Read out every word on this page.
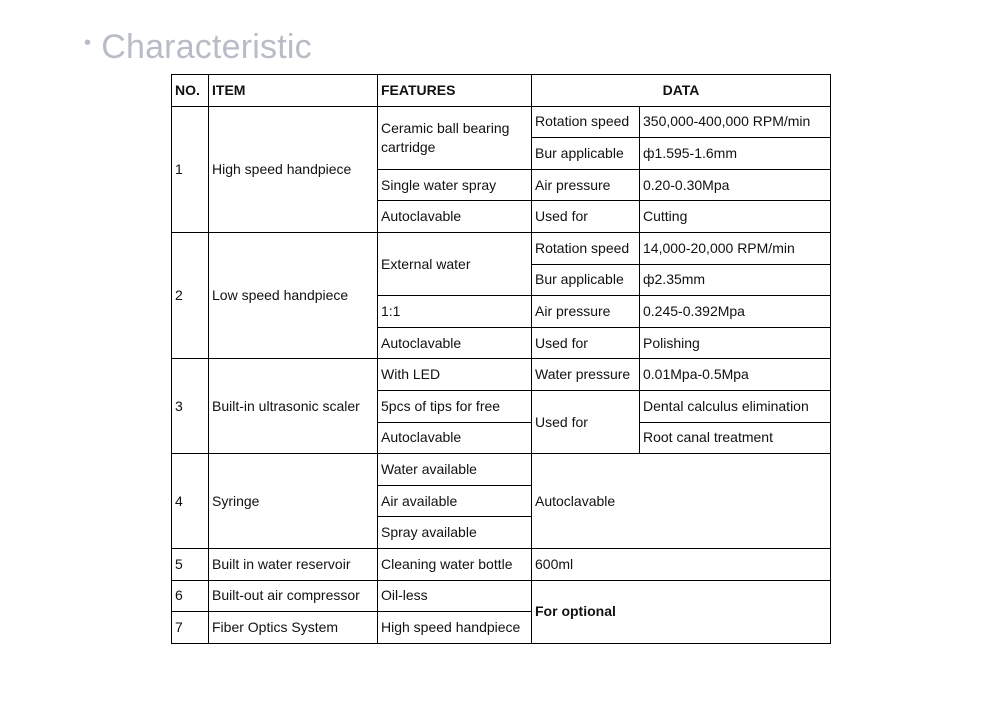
• Characteristic
NO.	ITEM	FEATURES	DATA	
1	High speed handpiece	Ceramic ball bearing cartridge	Rotation speed	350,000-400,000 RPM/min
			Bur applicable	ф1.595-1.6mm
		Single water spray	Air pressure	0.20-0.30Mpa
		Autoclavable	Used for	Cutting
2	Low speed handpiece	External water	Rotation speed	14,000-20,000 RPM/min
			Bur applicable	ф2.35mm
		1:1	Air pressure	0.245-0.392Mpa
		Autoclavable	Used for	Polishing
3	Built-in ultrasonic scaler	With LED	Water pressure	0.01Mpa-0.5Mpa
		5pcs of tips for free	Used for	Dental calculus elimination
		Autoclavable		Root canal treatment
4	Syringe	Water available	Autoclavable	
		Air available		
		Spray available		
5	Built in water reservoir	Cleaning water bottle	600ml	
6	Built-out air compressor	Oil-less	For optional	
7	Fiber Optics System	High speed handpiece		
